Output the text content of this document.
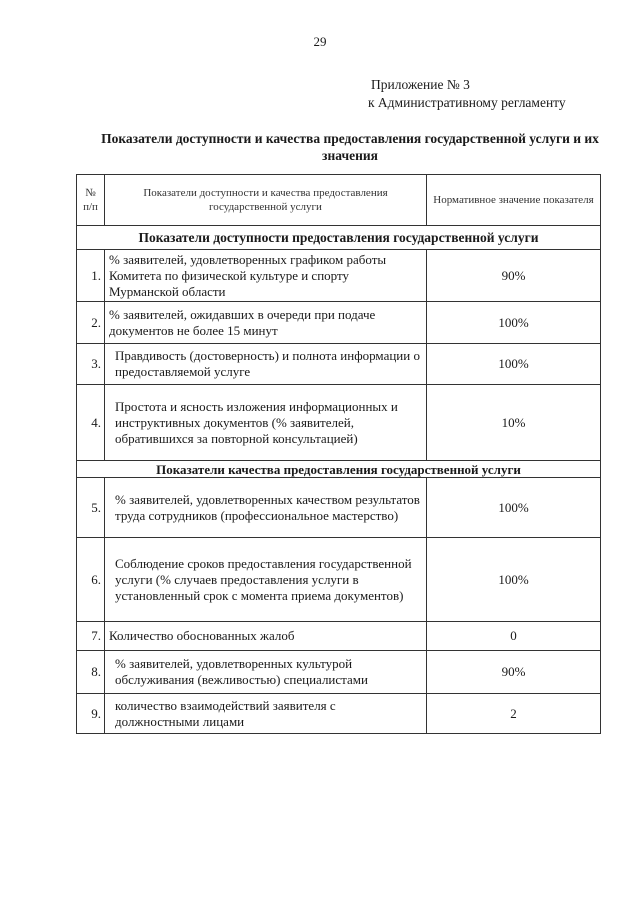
29
Приложение № 3
к Административному регламенту
Показатели доступности и качества предоставления государственной услуги и их значения
№ п/п	Показатели доступности и качества предоставления государственной услуги	Нормативное значение показателя
Показатели доступности предоставления государственной услуги		
1.	% заявителей, удовлетворенных графиком работы Комитета по физической культуре и спорту Мурманской области	90%
2.	% заявителей, ожидавших в очереди при подаче документов не более 15 минут	100%
3.	Правдивость (достоверность) и полнота информации о предоставляемой услуге	100%
4.	Простота и ясность изложения информационных и инструктивных документов (% заявителей, обратившихся за повторной консультацией)	10%
Показатели качества предоставления государственной услуги		
5.	% заявителей, удовлетворенных качеством результатов труда сотрудников (профессиональное мастерство)	100%
6.	Соблюдение сроков предоставления государственной услуги (% случаев предоставления услуги в установленный срок с момента приема документов)	100%
7.	Количество обоснованных жалоб	0
8.	% заявителей, удовлетворенных культурой обслуживания (вежливостью) специалистами	90%
9.	количество взаимодействий заявителя с должностными лицами	2
